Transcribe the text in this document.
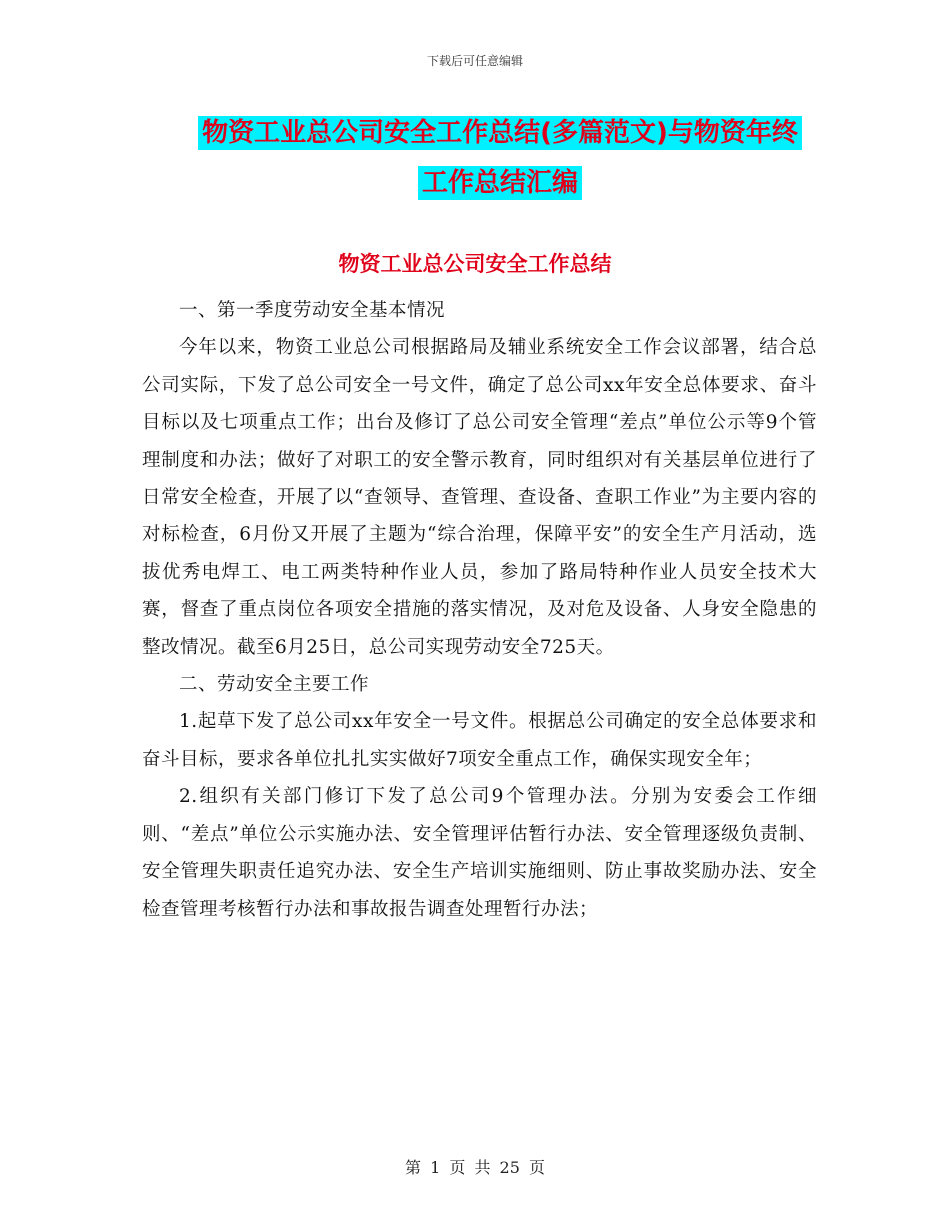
下载后可任意编辑
物资工业总公司安全工作总结(多篇范文)与物资年终
工作总结汇编
物资工业总公司安全工作总结

一、第一季度劳动安全基本情况

今年以来，物资工业总公司根据路局及辅业系统安全工作会议部署，结合总公司实际，下发了总公司安全一号文件，确定了总公司xx年安全总体要求、奋斗目标以及七项重点工作；出台及修订了总公司安全管理“差点”单位公示等9个管理制度和办法；做好了对职工的安全警示教育，同时组织对有关基层单位进行了日常安全检查，开展了以“查领导、查管理、查设备、查职工作业”为主要内容的对标检查，6月份又开展了主题为“综合治理，保障平安”的安全生产月活动，选拔优秀电焊工、电工两类特种作业人员，参加了路局特种作业人员安全技术大赛，督查了重点岗位各项安全措施的落实情况，及对危及设备、人身安全隐患的整改情况。截至6月25日，总公司实现劳动安全725天。

二、劳动安全主要工作

1.起草下发了总公司xx年安全一号文件。根据总公司确定的安全总体要求和奋斗目标，要求各单位扎扎实实做好7项安全重点工作，确保实现安全年；

2.组织有关部门修订下发了总公司9个管理办法。分别为安委会工作细则、“差点”单位公示实施办法、安全管理评估暂行办法、安全管理逐级负责制、安全管理失职责任追究办法、安全生产培训实施细则、防止事故奖励办法、安全检查管理考核暂行办法和事故报告调查处理暂行办法；

第 1 页 共 25 页
